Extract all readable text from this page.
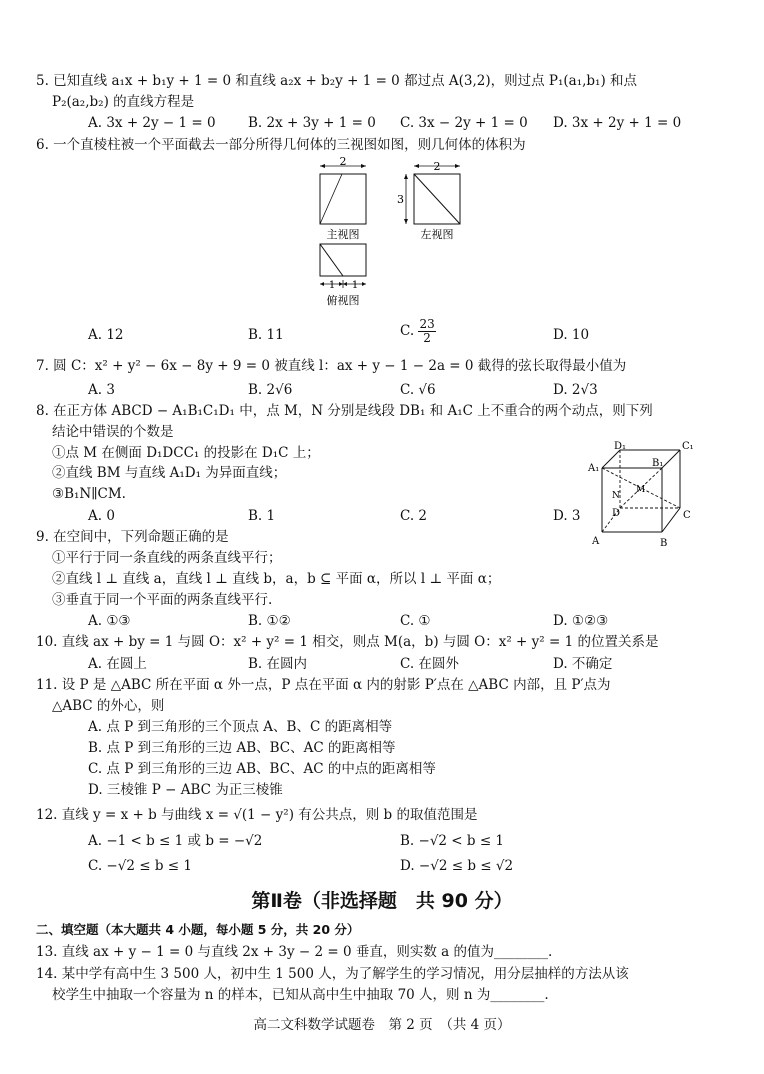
5. 已知直线 a₁x + b₁y + 1 = 0 和直线 a₂x + b₂y + 1 = 0 都过点 A(3,2)，则过点 P₁(a₁,b₁) 和点
P₂(a₂,b₂) 的直线方程是
A. 3x + 2y − 1 = 0 B. 2x + 3y + 1 = 0 C. 3x − 2y + 1 = 0 D. 3x + 2y + 1 = 0
6. 一个直棱柱被一个平面截去一部分所得几何体的三视图如图，则几何体的体积为
2
主视图
2
3
左视图
1 1
俯视图
A. 12	B. 11	C. $\frac{23}{2}$	D. 10
7. 圆 C：x² + y² − 6x − 8y + 9 = 0 被直线 l：ax + y − 1 − 2a = 0 截得的弦长取得最小值为
A. 3	B. 2√6	C. √6	D. 2√3
8. 在正方体 ABCD − A₁B₁C₁D₁ 中，点 M，N 分别是线段 DB₁ 和 A₁C 上不重合的两个动点，则下列
结论中错误的个数是
①点 M 在侧面 D₁DCC₁ 的投影在 D₁C 上；
②直线 BM 与直线 A₁D₁ 为异面直线；
③B₁N∥CM.
A. 0	B. 1	C. 2	D. 3
D₁	C₁
A₁	B₁
N
M
D	C
A	B
9. 在空间中，下列命题正确的是
①平行于同一条直线的两条直线平行；
②直线 l ⊥ 直线 a，直线 l ⊥ 直线 b，a，b ⊆ 平面 α，所以 l ⊥ 平面 α；
③垂直于同一个平面的两条直线平行.
A. ①③	B. ①②	C. ①	D. ①②③
10. 直线 ax + by = 1 与圆 O：x² + y² = 1 相交，则点 M(a，b) 与圆 O：x² + y² = 1 的位置关系是
A. 在圆上	B. 在圆内	C. 在圆外	D. 不确定
11. 设 P 是 △ABC 所在平面 α 外一点，P 点在平面 α 内的射影 P′点在 △ABC 内部，且 P′点为
△ABC 的外心，则
A. 点 P 到三角形的三个顶点 A、B、C 的距离相等
B. 点 P 到三角形的三边 AB、BC、AC 的距离相等
C. 点 P 到三角形的三边 AB、BC、AC 的中点的距离相等
D. 三棱锥 P − ABC 为正三棱锥
12. 直线 y = x + b 与曲线 x = √(1 − y²) 有公共点，则 b 的取值范围是
A. −1 < b ≤ 1 或 b = −√2	B. −√2 < b ≤ 1
C. −√2 ≤ b ≤ 1	D. −√2 ≤ b ≤ √2
第Ⅱ卷（非选择题　共 90 分）
二、填空题（本大题共 4 小题，每小题 5 分，共 20 分）
13. 直线 ax + y − 1 = 0 与直线 2x + 3y − 2 = 0 垂直，则实数 a 的值为________.
14. 某中学有高中生 3 500 人，初中生 1 500 人，为了解学生的学习情况，用分层抽样的方法从该
校学生中抽取一个容量为 n 的样本，已知从高中生中抽取 70 人，则 n 为________.
高二文科数学试题卷　第 2 页　（共 4 页）
